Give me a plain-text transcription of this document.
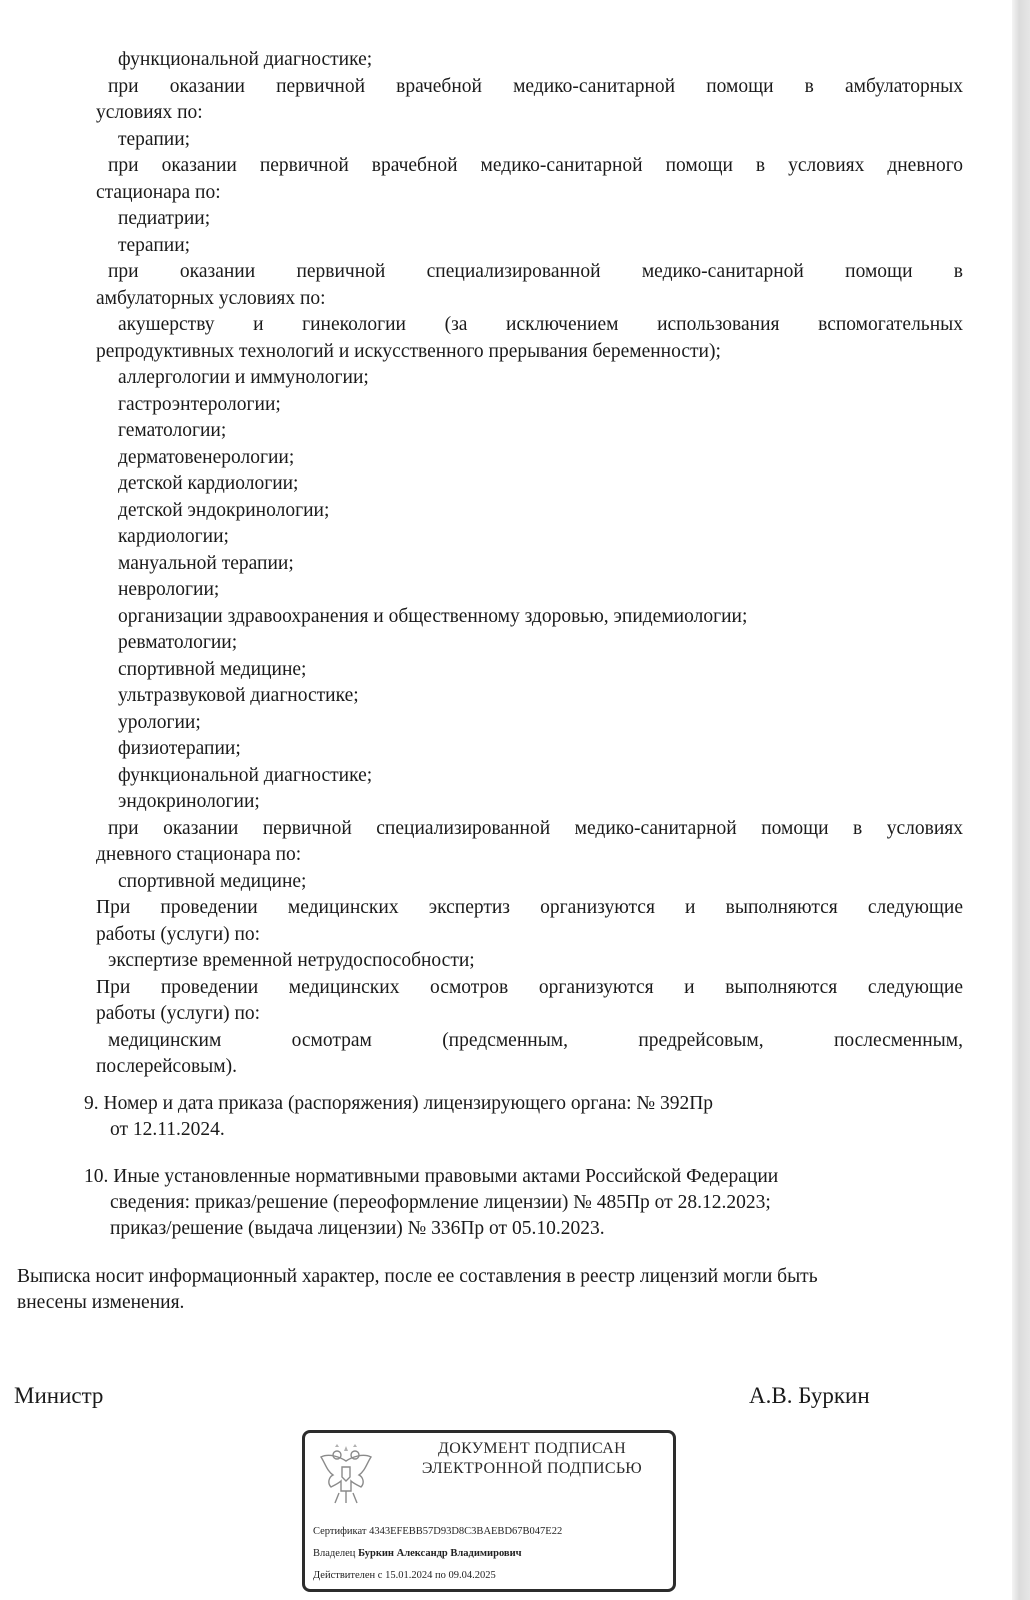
функциональной диагностике;
при оказании первичной врачебной медико-санитарной помощи в амбулаторных
условиях по:
терапии;
при оказании первичной врачебной медико-санитарной помощи в условиях дневного
стационара по:
педиатрии;
терапии;
при оказании первичной специализированной медико-санитарной помощи в
амбулаторных условиях по:
акушерству и гинекологии (за исключением использования вспомогательных
репродуктивных технологий и искусственного прерывания беременности);
аллергологии и иммунологии;
гастроэнтерологии;
гематологии;
дерматовенерологии;
детской кардиологии;
детской эндокринологии;
кардиологии;
мануальной терапии;
неврологии;
организации здравоохранения и общественному здоровью, эпидемиологии;
ревматологии;
спортивной медицине;
ультразвуковой диагностике;
урологии;
физиотерапии;
функциональной диагностике;
эндокринологии;
при оказании первичной специализированной медико-санитарной помощи в условиях
дневного стационара по:
спортивной медицине;
При проведении медицинских экспертиз организуются и выполняются следующие
работы (услуги) по:
экспертизе временной нетрудоспособности;
При проведении медицинских осмотров организуются и выполняются следующие
работы (услуги) по:
медицинским осмотрам (предсменным, предрейсовым, послесменным,
послерейсовым).
9. Номер и дата приказа (распоряжения) лицензирующего органа: № 392Пр
от 12.11.2024.
10. Иные установленные нормативными правовыми актами Российской Федерации
сведения: приказ/решение (переоформление лицензии) № 485Пр от 28.12.2023;
приказ/решение (выдача лицензии) № 336Пр от 05.10.2023.
Выписка носит информационный характер, после ее составления в реестр лицензий могли быть
внесены изменения.
Министр	А.В. Буркин
ДОКУМЕНТ ПОДПИСАН
ЭЛЕКТРОННОЙ ПОДПИСЬЮ
Сертификат 4343EFEBB57D93D8C3BAEBD67B047E22
Владелец Буркин Александр Владимирович
Действителен с 15.01.2024 по 09.04.2025
